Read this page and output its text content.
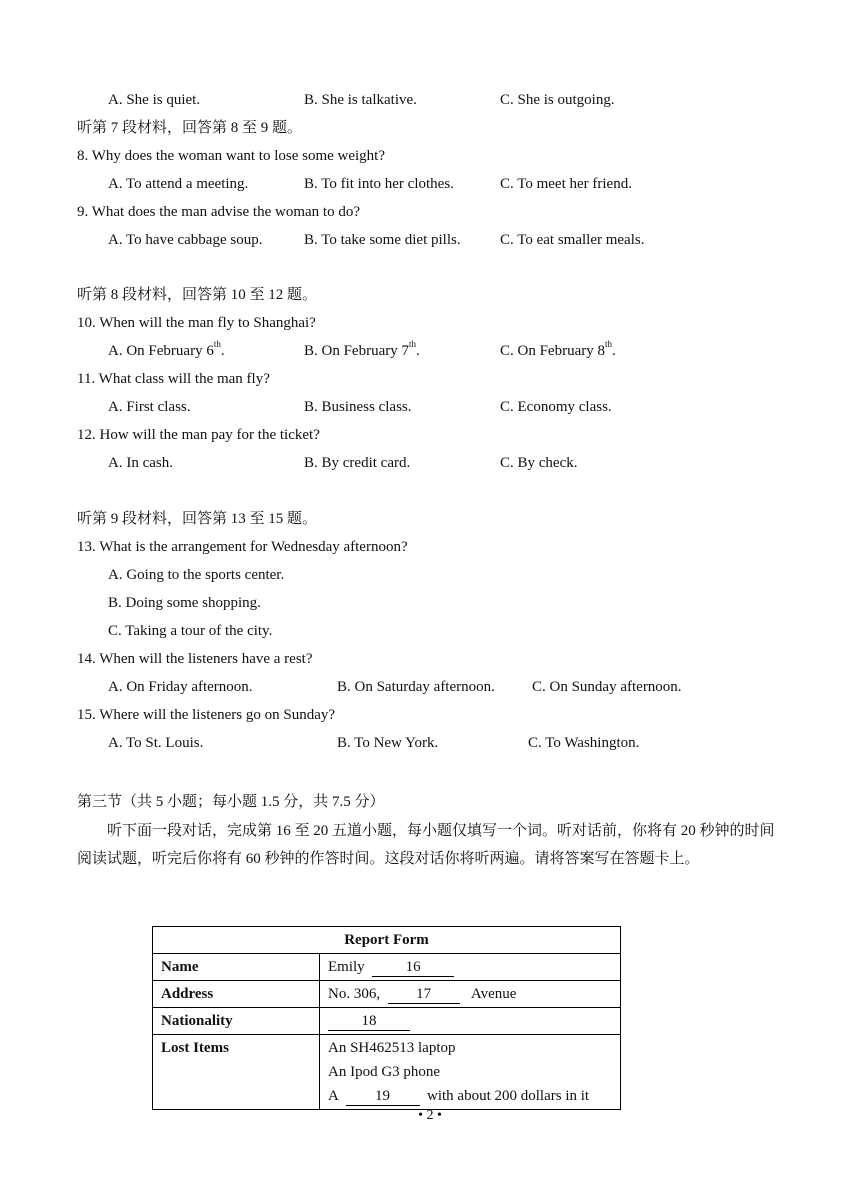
A. She is quiet.	B. She is talkative.	C. She is outgoing.
听第 7 段材料，回答第 8 至 9 题。
8. Why does the woman want to lose some weight?
A. To attend a meeting.	B. To fit into her clothes.	C. To meet her friend.
9. What does the man advise the woman to do?
A. To have cabbage soup.	B. To take some diet pills.	C. To eat smaller meals.
听第 8 段材料，回答第 10 至 12 题。
10. When will the man fly to Shanghai?
A. On February 6th.	B. On February 7th.	C. On February 8th.
11. What class will the man fly?
A. First class.	B. Business class.	C. Economy class.
12. How will the man pay for the ticket?
A. In cash.	B. By credit card.	C. By check.
听第 9 段材料，回答第 13 至 15 题。
13. What is the arrangement for Wednesday afternoon?
A. Going to the sports center.
B. Doing some shopping.
C. Taking a tour of the city.
14. When will the listeners have a rest?
A. On Friday afternoon.	B. On Saturday afternoon. C. On Sunday afternoon.
15. Where will the listeners go on Sunday?
A. To St. Louis.	B. To New York.	C. To Washington.
第三节（共 5 小题；每小题 1.5 分，共 7.5 分）
听下面一段对话，完成第 16 至 20 五道小题，每小题仅填写一个词。听对话前，你将有 20 秒钟的时间阅读试题，听完后你将有 60 秒钟的作答时间。这段对话你将听两遍。请将答案写在答题卡上。
Report Form	
Name	Emily 16
Address	No. 306, 17 Avenue
Nationality	18
Lost Items	An SH462513 laptop
An Ipod G3 phone
A 19 with about 200 dollars in it
• 2 •
